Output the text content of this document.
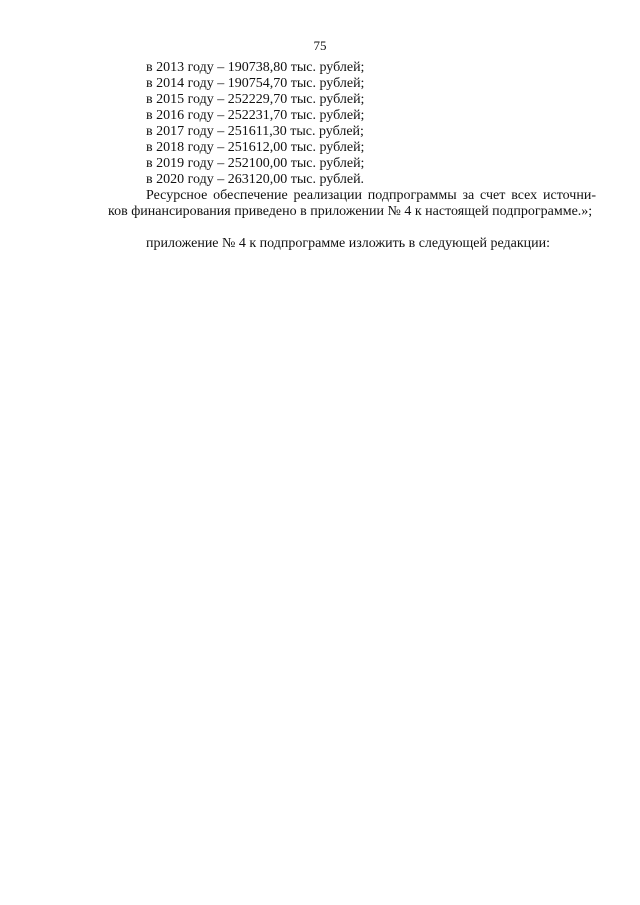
75
в 2013 году – 190738,80 тыс. рублей;
в 2014 году – 190754,70 тыс. рублей;
в 2015 году – 252229,70 тыс. рублей;
в 2016 году – 252231,70 тыс. рублей;
в 2017 году – 251611,30 тыс. рублей;
в 2018 году – 251612,00 тыс. рублей;
в 2019 году – 252100,00 тыс. рублей;
в 2020 году – 263120,00 тыс. рублей.

Ресурсное обеспечение реализации подпрограммы за счет всех источни-ков финансирования приведено в приложении № 4 к настоящей подпрограмме.»;

приложение № 4 к подпрограмме изложить в следующей редакции:
